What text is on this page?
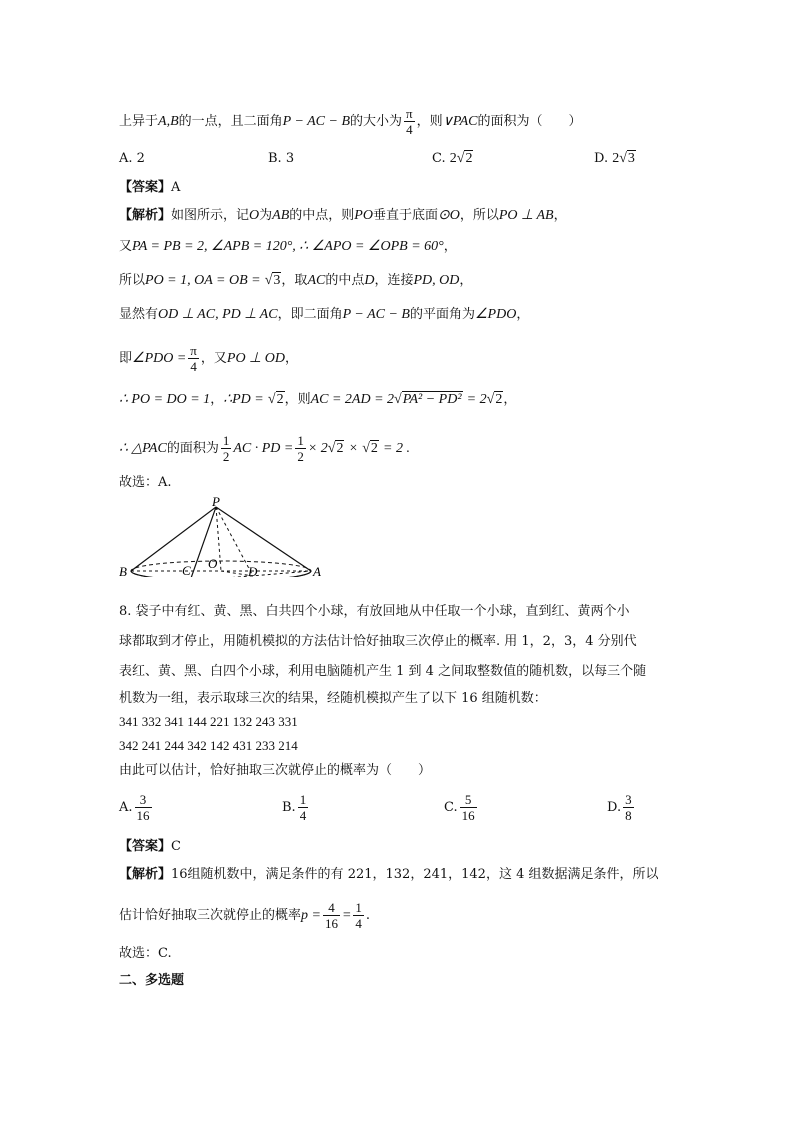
上异于A,B的一点，且二面角P − AC − B的大小为 $\frac{\pi}{4}$ ，则∨PAC的面积为（　　）
A. 2	B. 3	C. 2√2	D. 2√3
【答案】A
【解析】如图所示，记O为AB的中点，则PO垂直于底面⊙O，所以PO ⊥ AB，
又PA = PB = 2, ∠APB = 120°, ∴ ∠APO = ∠OPB = 60°，
所以PO = 1, OA = OB = √3，取AC的中点D，连接PD, OD，
显然有OD ⊥ AC, PD ⊥ AC，即二面角P − AC − B的平面角为∠PDO，
即∠PDO = $\frac{\pi}{4}$ ，又PO ⊥ OD，
∴ PO = DO = 1，∴PD = √2，则AC = 2AD = 2√PA² − PD² = 2√2，
∴ △PAC的面积为 $\frac{1}{2}$ AC · PD = $\frac{1}{2} \times 2√2 \times √2 = 2$ .
故选：A.
P
B	A
O
C	D
8. 袋子中有红、黄、黑、白共四个小球，有放回地从中任取一个小球，直到红、黄两个小
球都取到才停止，用随机模拟的方法估计恰好抽取三次停止的概率. 用 1，2，3，4 分别代
表红、黄、黑、白四个小球，利用电脑随机产生 1 到 4 之间取整数值的随机数，以每三个随
机数为一组，表示取球三次的结果，经随机模拟产生了以下 16 组随机数：
341 332 341 144 221 132 243 331
342 241 244 342 142 431 233 214
由此可以估计，恰好抽取三次就停止的概率为（　　）
A. $\frac{3}{16}$	B. $\frac{1}{4}$	C. $\frac{5}{16}$	D. $\frac{3}{8}$
【答案】C
【解析】16组随机数中，满足条件的有 221，132，241，142，这 4 组数据满足条件，所以
估计恰好抽取三次就停止的概率$p = \frac{4}{16} = \frac{1}{4}$ .
故选：C.
二、多选题
